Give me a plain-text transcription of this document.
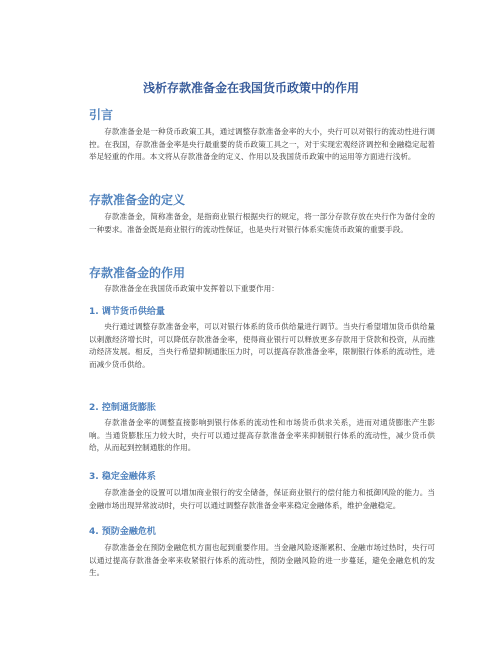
浅析存款准备金在我国货币政策中的作用
引言

存款准备金是一种货币政策工具，通过调整存款准备金率的大小，央行可以对银行的流动性进行调控。在我国，存款准备金率是央行最重要的货币政策工具之一，对于实现宏观经济调控和金融稳定起着举足轻重的作用。本文将从存款准备金的定义、作用以及我国货币政策中的运用等方面进行浅析。

存款准备金的定义

存款准备金，简称准备金，是指商业银行根据央行的规定，将一部分存款存放在央行作为备付金的一种要求。准备金既是商业银行的流动性保证，也是央行对银行体系实施货币政策的重要手段。

存款准备金的作用

存款准备金在我国货币政策中发挥着以下重要作用：

1. 调节货币供给量

央行通过调整存款准备金率，可以对银行体系的货币供给量进行调节。当央行希望增加货币供给量以刺激经济增长时，可以降低存款准备金率，使得商业银行可以释放更多存款用于贷款和投资，从而推动经济发展。相反，当央行希望抑制通胀压力时，可以提高存款准备金率，限制银行体系的流动性，进而减少货币供给。

2. 控制通货膨胀

存款准备金率的调整直接影响到银行体系的流动性和市场货币供求关系，进而对通货膨胀产生影响。当通货膨胀压力较大时，央行可以通过提高存款准备金率来抑制银行体系的流动性，减少货币供给，从而起到控制通胀的作用。

3. 稳定金融体系

存款准备金的设置可以增加商业银行的安全储备，保证商业银行的偿付能力和抵御风险的能力。当金融市场出现异常波动时，央行可以通过调整存款准备金率来稳定金融体系，维护金融稳定。

4. 预防金融危机

存款准备金在预防金融危机方面也起到重要作用。当金融风险逐渐累积、金融市场过热时，央行可以通过提高存款准备金率来收紧银行体系的流动性，预防金融风险的进一步蔓延，避免金融危机的发生。
